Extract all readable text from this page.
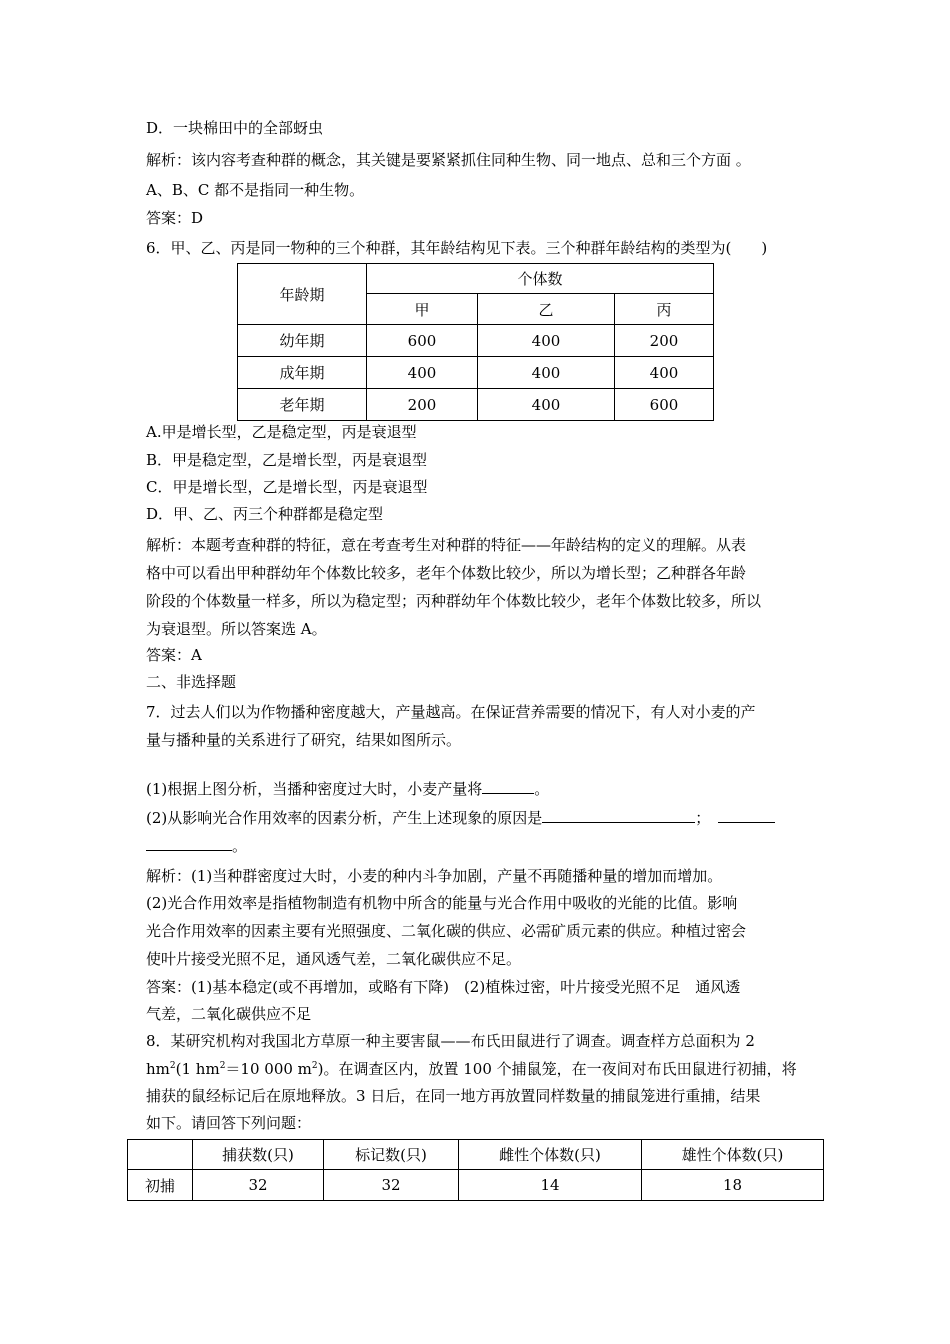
D．一块棉田中的全部蚜虫
解析：该内容考查种群的概念，其关键是要紧紧抓住同种生物、同一地点、总和三个方面 。
A、B、C 都不是指同一种生物。
答案：D
6．甲、乙、丙是同一物种的三个种群，其年龄结构见下表。三个种群年龄结构的类型为(　　)
年龄期	个体数		
	甲	乙	丙
幼年期	600	400	200
成年期	400	400	400
老年期	200	400	600
A.甲是增长型，乙是稳定型，丙是衰退型
B．甲是稳定型，乙是增长型，丙是衰退型
C．甲是增长型，乙是增长型，丙是衰退型
D．甲、乙、丙三个种群都是稳定型
解析：本题考查种群的特征，意在考查考生对种群的特征——年龄结构的定义的理解。从表
格中可以看出甲种群幼年个体数比较多，老年个体数比较少，所以为增长型；乙种群各年龄
阶段的个体数量一样多，所以为稳定型；丙种群幼年个体数比较少，老年个体数比较多，所以
为衰退型。所以答案选 A。
答案：A
二、非选择题
7．过去人们以为作物播种密度越大，产量越高。在保证营养需要的情况下，有人对小麦的产
量与播种量的关系进行了研究，结果如图所示。
(1)根据上图分析，当播种密度过大时，小麦产量将	。
(2)从影响光合作用效率的因素分析，产生上述现象的原因是	；　
。
解析：(1)当种群密度过大时，小麦的种内斗争加剧，产量不再随播种量的增加而增加。
(2)光合作用效率是指植物制造有机物中所含的能量与光合作用中吸收的光能的比值。影响
光合作用效率的因素主要有光照强度、二氧化碳的供应、必需矿质元素的供应。种植过密会
使叶片接受光照不足，通风透气差，二氧化碳供应不足。
答案：(1)基本稳定(或不再增加，或略有下降)　(2)植株过密，叶片接受光照不足　通风透
气差，二氧化碳供应不足
8．某研究机构对我国北方草原一种主要害鼠——布氏田鼠进行了调查。调查样方总面积为 2
$hm^2(1$ $hm^2=10$ 000 $m^2$)。在调查区内，放置 100 个捕鼠笼，在一夜间对布氏田鼠进行初捕，将
捕获的鼠经标记后在原地释放。3 日后，在同一地方再放置同样数量的捕鼠笼进行重捕，结果
如下。请回答下列问题：
	捕获数(只)	标记数(只)	雌性个体数(只)	雄性个体数(只)
初捕	32	32	14	18
